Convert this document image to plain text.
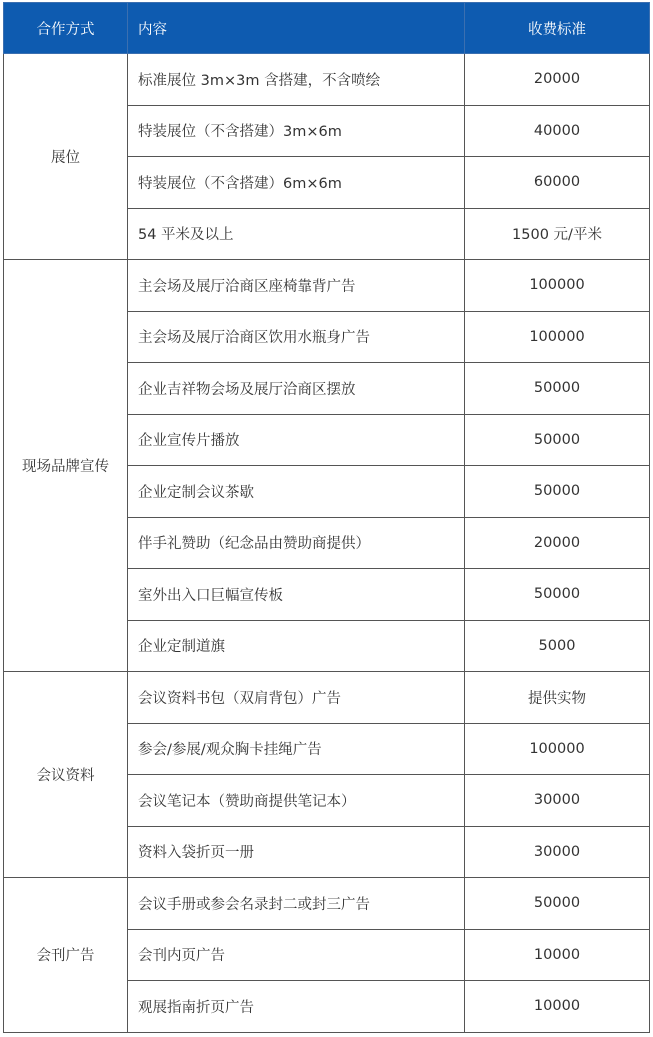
合作方式	内容	收费标准
展位	标准展位 3m×3m 含搭建，不含喷绘	20000
	特装展位（不含搭建）3m×6m	40000
	特装展位（不含搭建）6m×6m	60000
	54 平米及以上	1500 元/平米
现场品牌宣传	主会场及展厅洽商区座椅靠背广告	100000
	主会场及展厅洽商区饮用水瓶身广告	100000
	企业吉祥物会场及展厅洽商区摆放	50000
	企业宣传片播放	50000
	企业定制会议茶歇	50000
	伴手礼赞助（纪念品由赞助商提供）	20000
	室外出入口巨幅宣传板	50000
	企业定制道旗	5000
会议资料	会议资料书包（双肩背包）广告	提供实物
	参会/参展/观众胸卡挂绳广告	100000
	会议笔记本（赞助商提供笔记本）	30000
	资料入袋折页一册	30000
会刊广告	会议手册或参会名录封二或封三广告	50000
	会刊内页广告	10000
	观展指南折页广告	10000
